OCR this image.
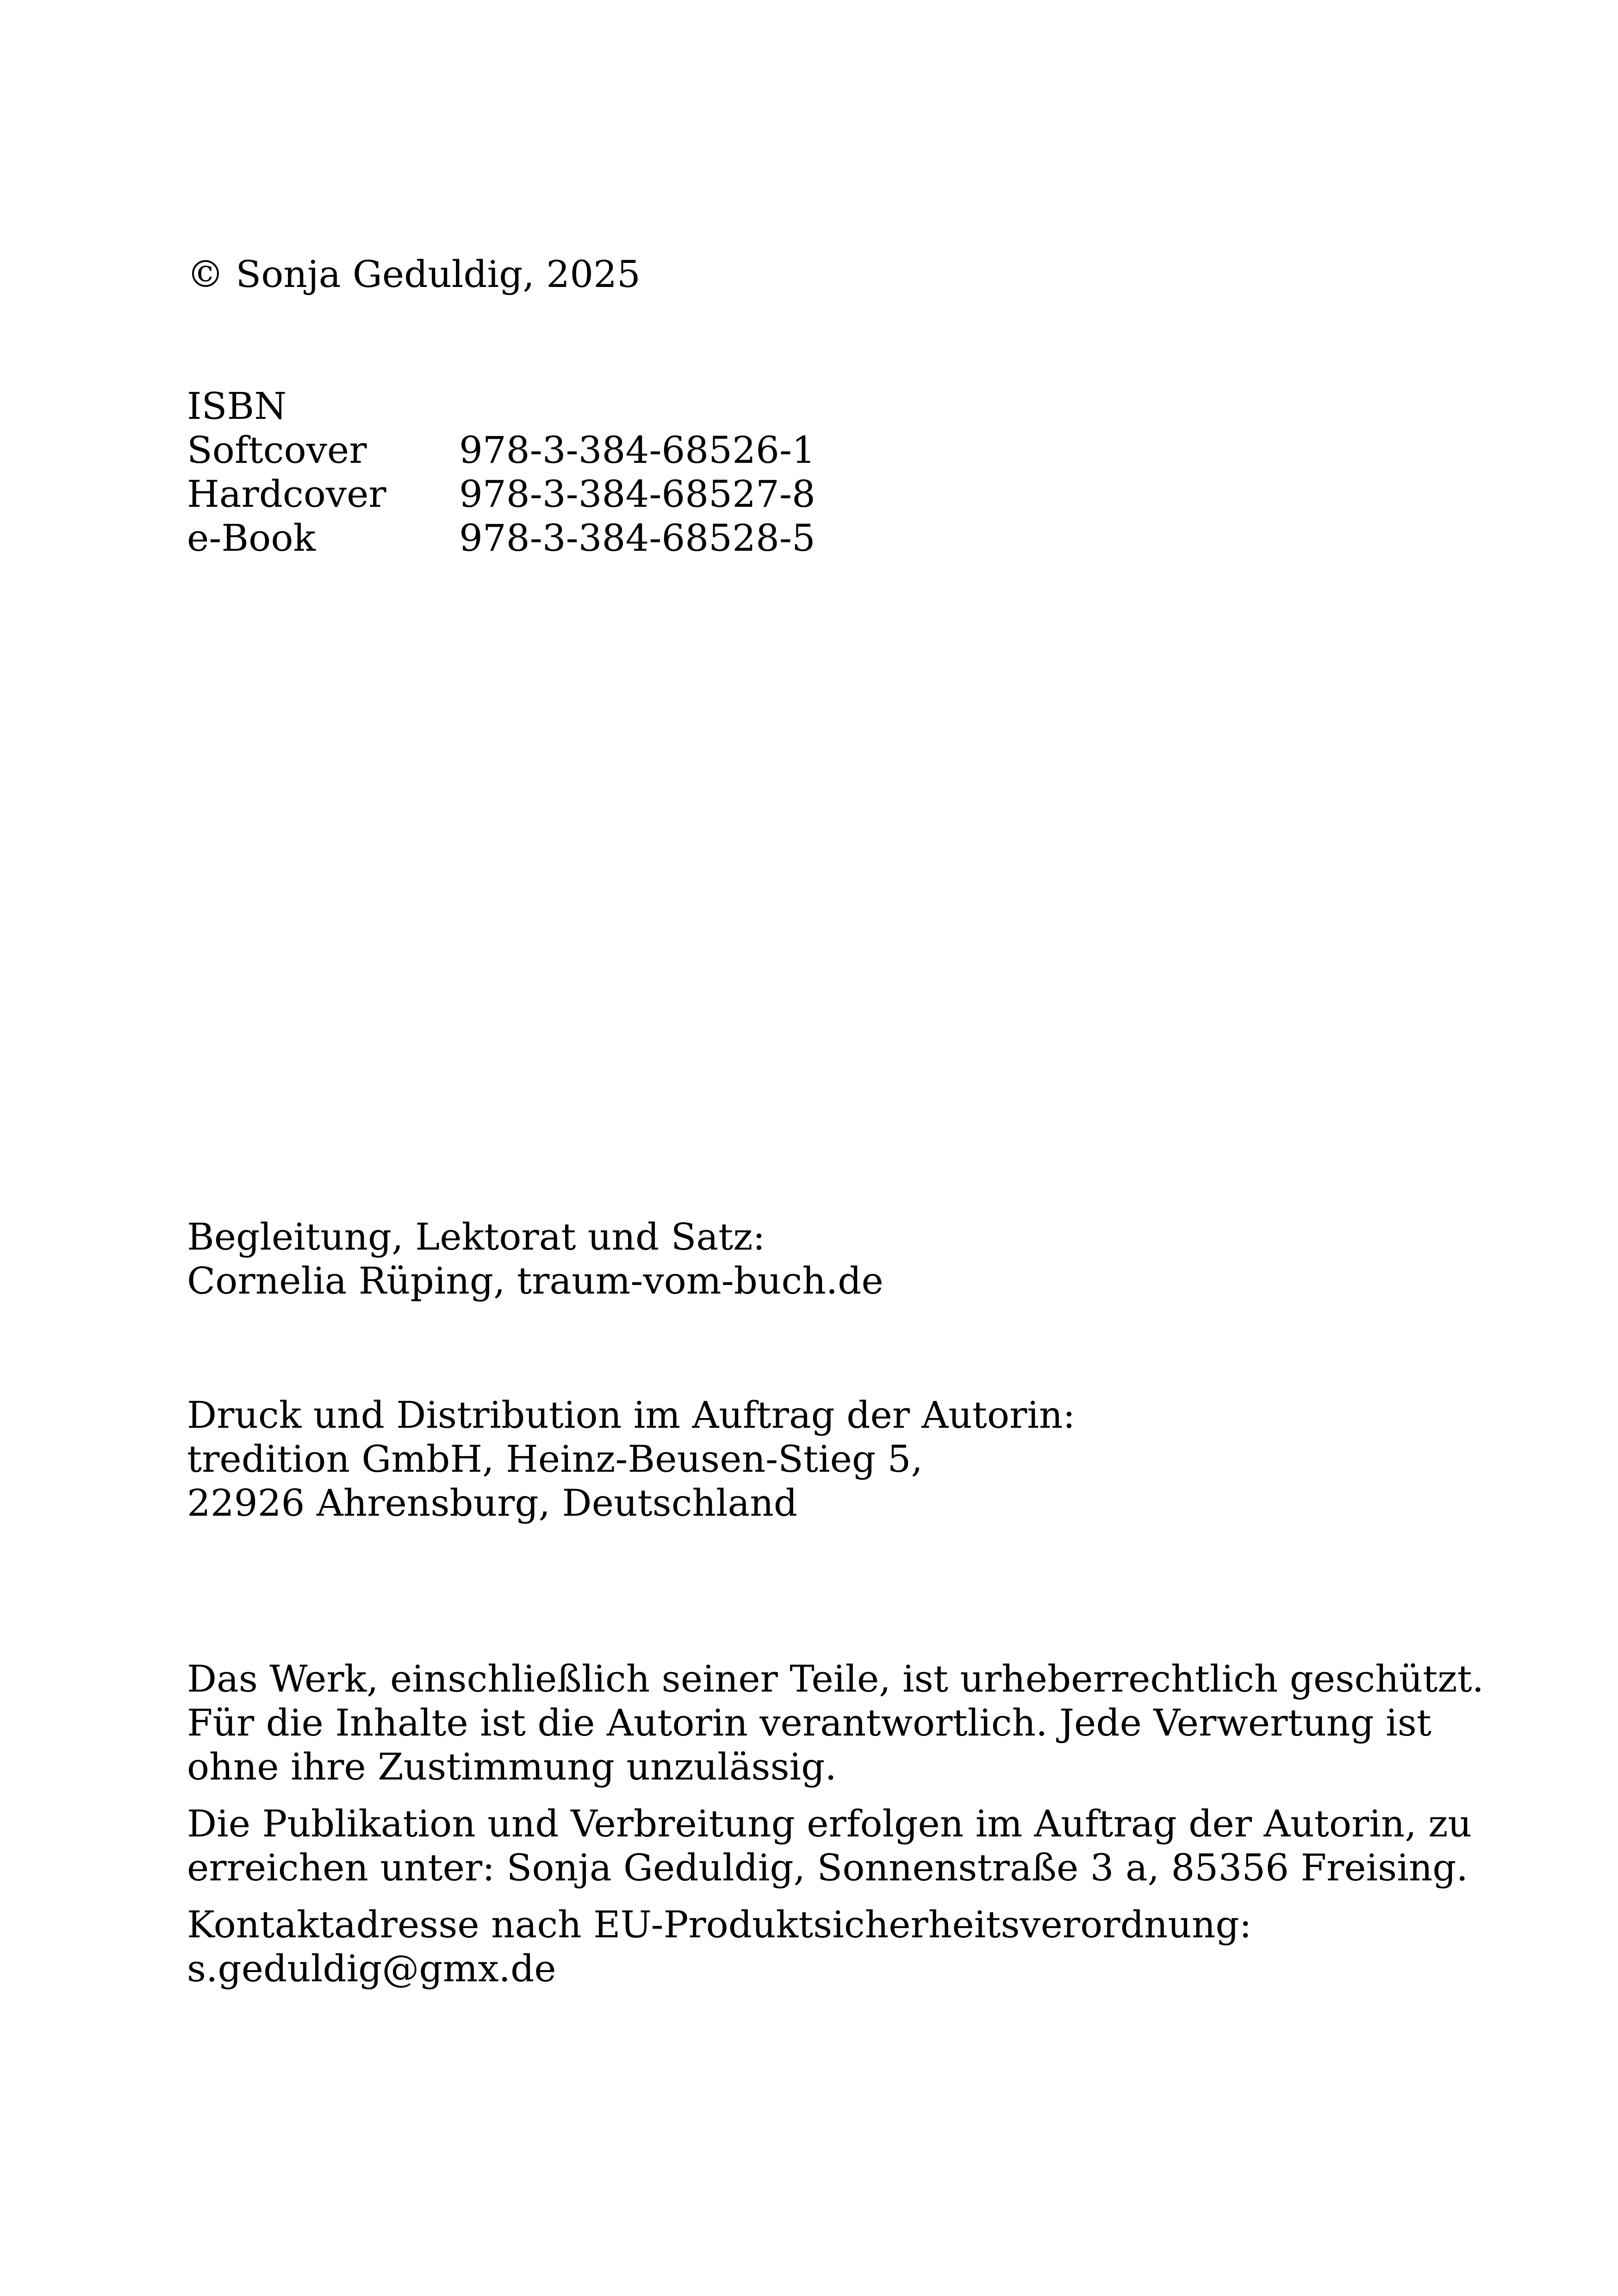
© Sonja Geduldig, 2025
ISBN
Softcover	978-3-384-68526-1
Hardcover	978-3-384-68527-8
e-Book	978-3-384-68528-5
Begleitung, Lektorat und Satz:
Cornelia Rüping, traum-vom-buch.de
Druck und Distribution im Auftrag der Autorin:
tredition GmbH, Heinz-Beusen-Stieg 5,
22926 Ahrensburg, Deutschland
Das Werk, einschließlich seiner Teile, ist urheberrechtlich geschützt.
Für die Inhalte ist die Autorin verantwortlich. Jede Verwertung ist
ohne ihre Zustimmung unzulässig.
Die Publikation und Verbreitung erfolgen im Auftrag der Autorin, zu
erreichen unter: Sonja Geduldig, Sonnenstraße 3 a, 85356 Freising.
Kontaktadresse nach EU-Produktsicherheitsverordnung:
s.geduldig@gmx.de
